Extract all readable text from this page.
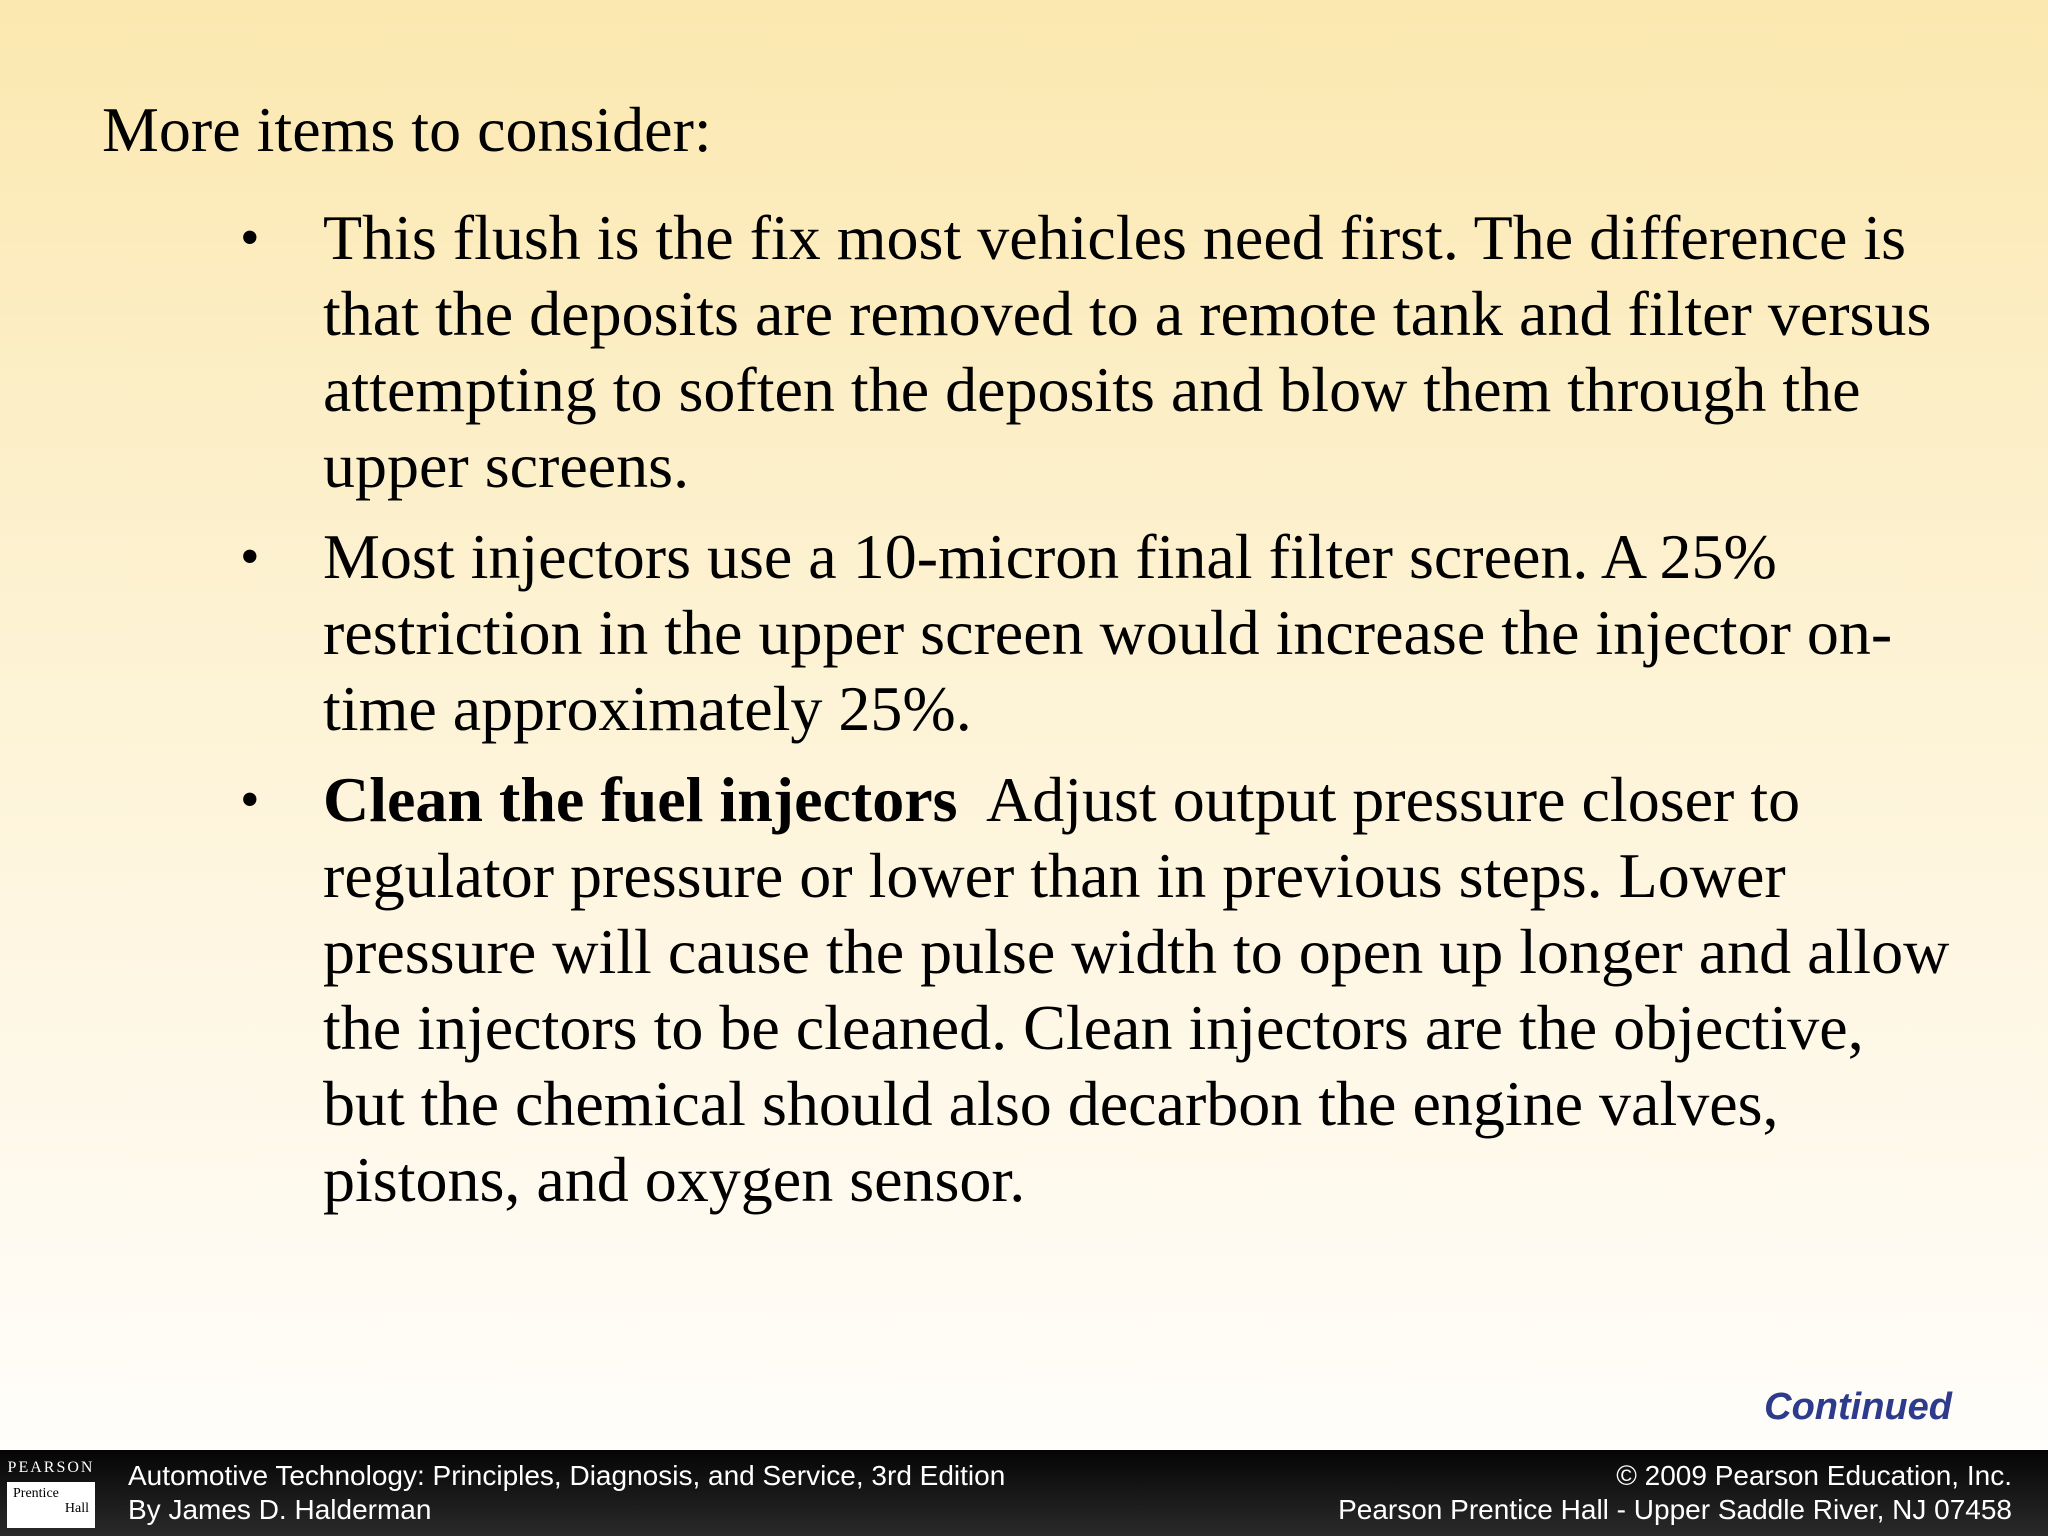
More items to consider:
• This flush is the fix most vehicles need first. The difference is that the deposits are removed to a remote tank and filter versus attempting to soften the deposits and blow them through the upper screens.
• Most injectors use a 10-micron final filter screen. A 25% restriction in the upper screen would increase the injector on-time approximately 25%.
• Clean the fuel injectors  Adjust output pressure closer to regulator pressure or lower than in previous steps. Lower pressure will cause the pulse width to open up longer and allow the injectors to be cleaned. Clean injectors are the objective, but the chemical should also decarbon the engine valves, pistons, and oxygen sensor.
Continued
PEARSON
Prentice
Hall
Automotive Technology: Principles, Diagnosis, and Service, 3rd Edition
By James D. Halderman
© 2009 Pearson Education, Inc.
Pearson Prentice Hall - Upper Saddle River, NJ 07458
